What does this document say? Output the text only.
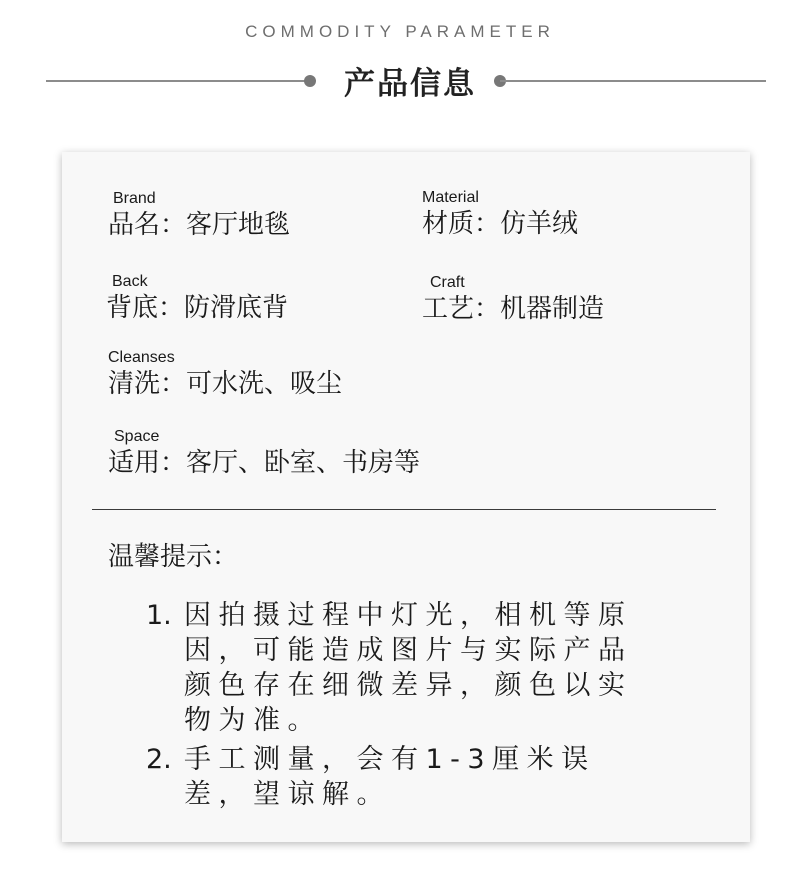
COMMODITY PARAMETER
产品信息
Brand
品名：客厅地毯
Material
材质：仿羊绒
Back
背底：防滑底背
Craft
工艺：机器制造
Cleanses
清洗：可水洗、吸尘
Space
适用：客厅、卧室、书房等
温馨提示：
1. 因拍摄过程中灯光，相机等原因，可能造成图片与实际产品颜色存在细微差异，颜色以实物为准。
2. 手工测量，会有1-3厘米误差，望谅解。
